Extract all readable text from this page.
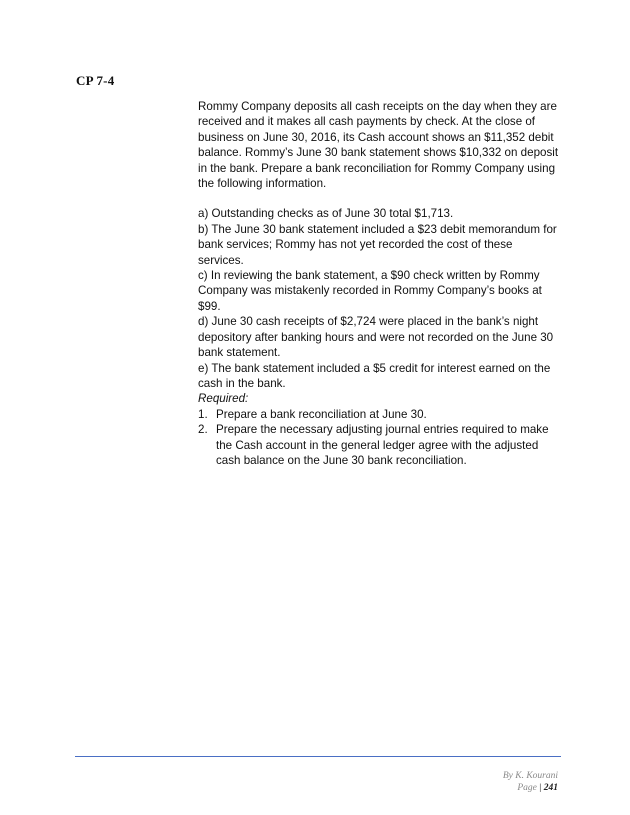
CP 7-4

Rommy Company deposits all cash receipts on the day when they are received and it makes all cash payments by check. At the close of business on June 30, 2016, its Cash account shows an $11,352 debit balance. Rommy’s June 30 bank statement shows $10,332 on deposit in the bank. Prepare a bank reconciliation for Rommy Company using the following information.

a) Outstanding checks as of June 30 total $1,713.

b) The June 30 bank statement included a $23 debit memorandum for bank services; Rommy has not yet recorded the cost of these services.

c) In reviewing the bank statement, a $90 check written by Rommy Company was mistakenly recorded in Rommy Company’s books at $99.

d) June 30 cash receipts of $2,724 were placed in the bank’s night depository after banking hours and were not recorded on the June 30 bank statement.

e) The bank statement included a $5 credit for interest earned on the cash in the bank.

Required:

1. Prepare a bank reconciliation at June 30.
2. Prepare the necessary adjusting journal entries required to make the Cash account in the general ledger agree with the adjusted cash balance on the June 30 bank reconciliation.
By K. Kourani
Page | 241
